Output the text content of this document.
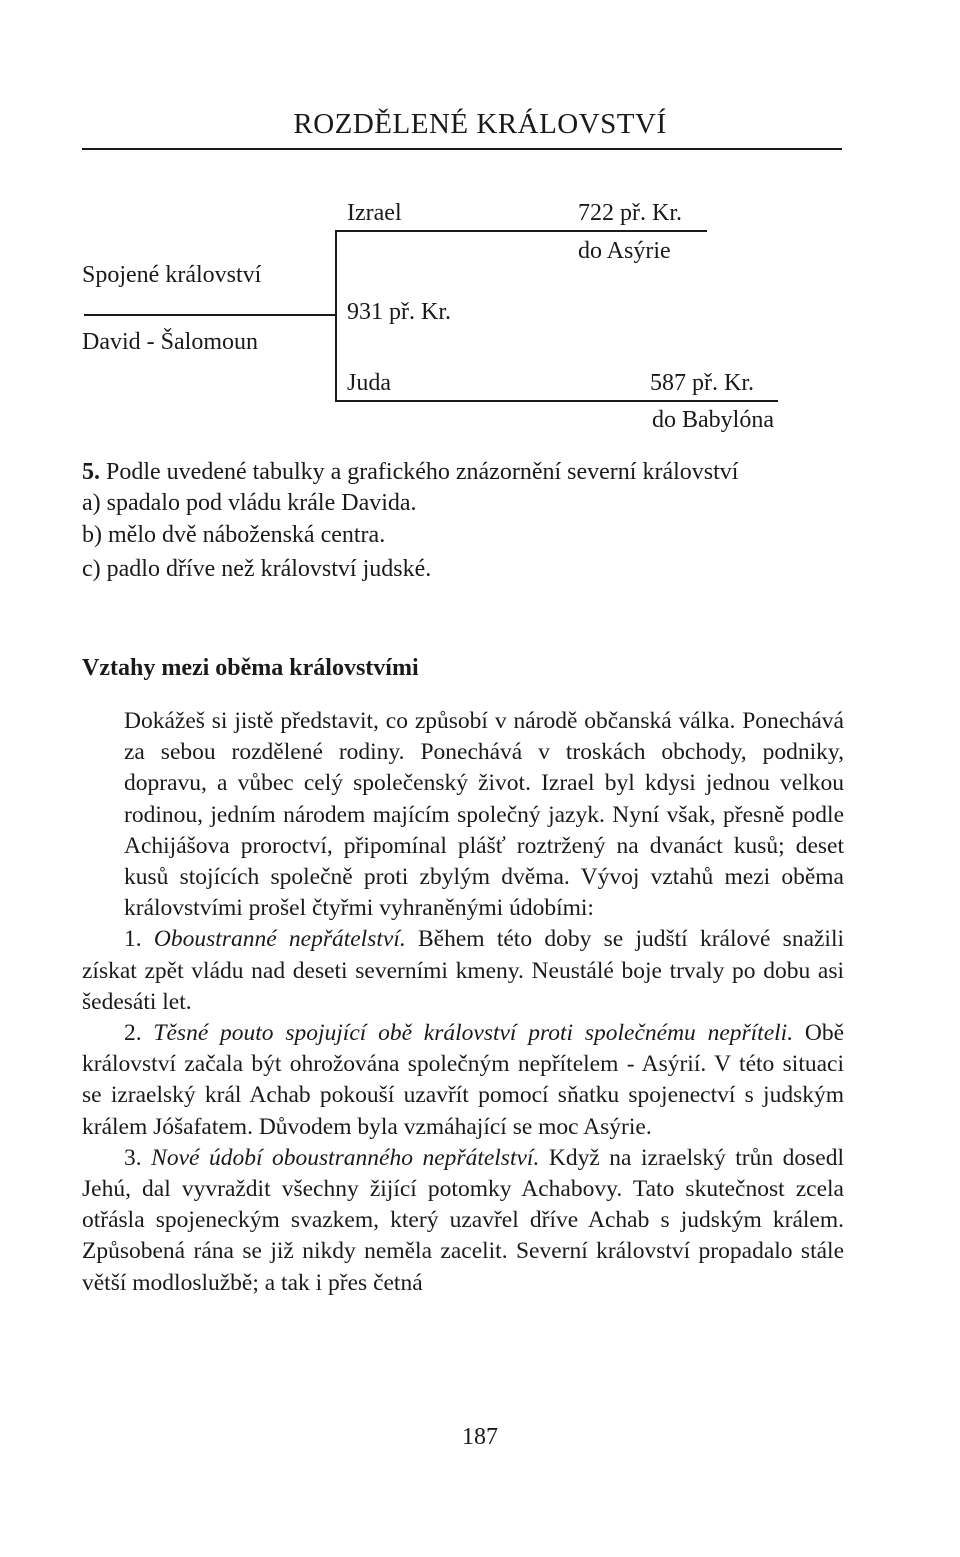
ROZDĚLENÉ KRÁLOVSTVÍ
Spojené království
David - Šalomoun
Izrael	722 př. Kr.
do Asýrie
931 př. Kr.
Juda	587 př. Kr.
do Babylóna
5. Podle uvedené tabulky a grafického znázornění severní království
a) spadalo pod vládu krále Davida.
b) mělo dvě náboženská centra.
c) padlo dříve než království judské.
Vztahy mezi oběma královstvími

Dokážeš si jistě představit, co způsobí v národě občanská válka. Ponechává za sebou rozdělené rodiny. Ponechává v troskách obchody, podniky, dopravu, a vůbec celý společenský život. Izrael byl kdysi jednou velkou rodinou, jedním národem majícím společný jazyk. Nyní však, přesně podle Achijášova proroctví, připomínal plášť roztržený na dvanáct kusů; deset kusů stojících společně proti zbylým dvěma. Vývoj vztahů mezi oběma královstvími prošel čtyřmi vyhraněnými údobími:

1. Oboustranné nepřátelství. Během této doby se judští králové snažili získat zpět vládu nad deseti severními kmeny. Neustálé boje trvaly po dobu asi šedesáti let.

2. Těsné pouto spojující obě království proti společnému nepříteli. Obě království začala být ohrožována společným nepřítelem - Asýrií. V této situaci se izraelský král Achab pokouší uzavřít pomocí sňatku spojenectví s judským králem Jóšafatem. Důvodem byla vzmáhající se moc Asýrie.

3. Nové údobí oboustranného nepřátelství. Když na izraelský trůn dosedl Jehú, dal vyvraždit všechny žijící potomky Achabovy. Tato skutečnost zcela otřásla spojeneckým svazkem, který uzavřel dříve Achab s judským králem. Způsobená rána se již nikdy neměla zacelit. Severní království propadalo stále větší modloslužbě; a tak i přes četná

187
